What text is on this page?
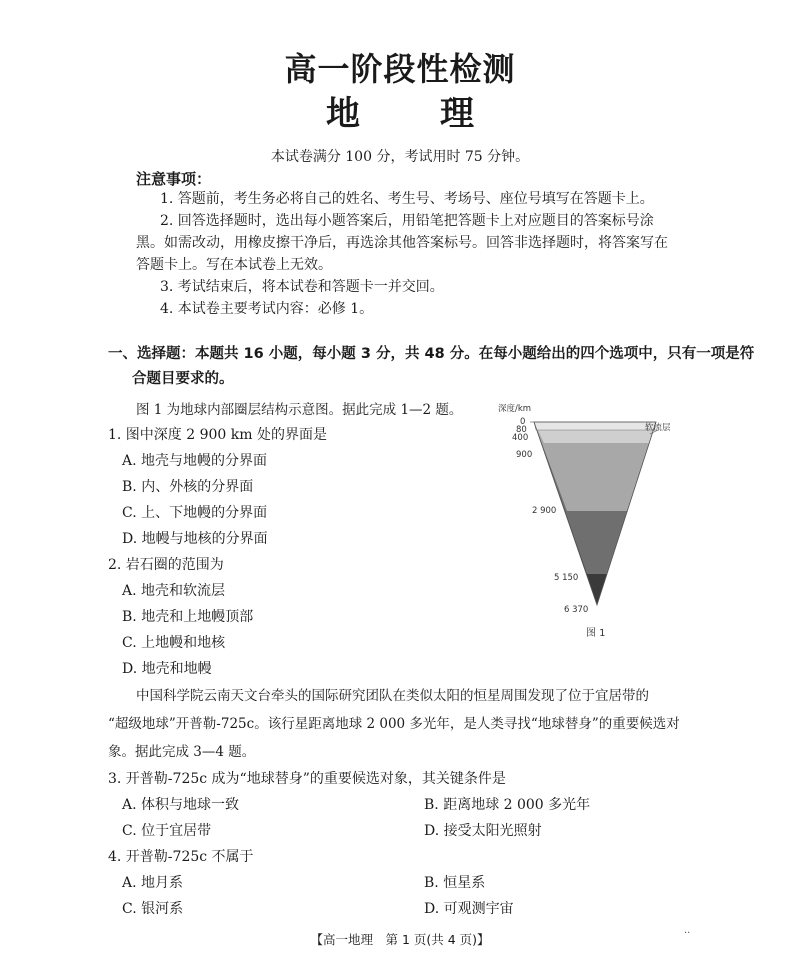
高一阶段性检测
地 理
本试卷满分 100 分，考试用时 75 分钟。
注意事项：
1. 答题前，考生务必将自己的姓名、考生号、考场号、座位号填写在答题卡上。
2. 回答选择题时，选出每小题答案后，用铅笔把答题卡上对应题目的答案标号涂
黑。如需改动，用橡皮擦干净后，再选涂其他答案标号。回答非选择题时，将答案写在
答题卡上。写在本试卷上无效。
3. 考试结束后，将本试卷和答题卡一并交回。
4. 本试卷主要考试内容：必修 1。
一、选择题：本题共 16 小题，每小题 3 分，共 48 分。在每小题给出的四个选项中，只有一项是符
合题目要求的。
图 1 为地球内部圈层结构示意图。据此完成 1—2 题。
1. 图中深度 2 900 km 处的界面是
A. 地壳与地幔的分界面
B. 内、外核的分界面
C. 上、下地幔的分界面
D. 地幔与地核的分界面
2. 岩石圈的范围为
A. 地壳和软流层
B. 地壳和上地幔顶部
C. 上地幔和地核
D. 地壳和地幔
深度/km
0
80
400
900
2 900
5 150
6 370
软流层
图 1
中国科学院云南天文台牵头的国际研究团队在类似太阳的恒星周围发现了位于宜居带的
“超级地球”开普勒-725c。该行星距离地球 2 000 多光年，是人类寻找“地球替身”的重要候选对
象。据此完成 3—4 题。
3. 开普勒-725c 成为“地球替身”的重要候选对象，其关键条件是
A. 体积与地球一致	B. 距离地球 2 000 多光年
C. 位于宜居带	D. 接受太阳光照射
4. 开普勒-725c 不属于
A. 地月系	B. 恒星系
C. 银河系	D. 可观测宇宙
【高一地理　第 1 页(共 4 页)】	··
